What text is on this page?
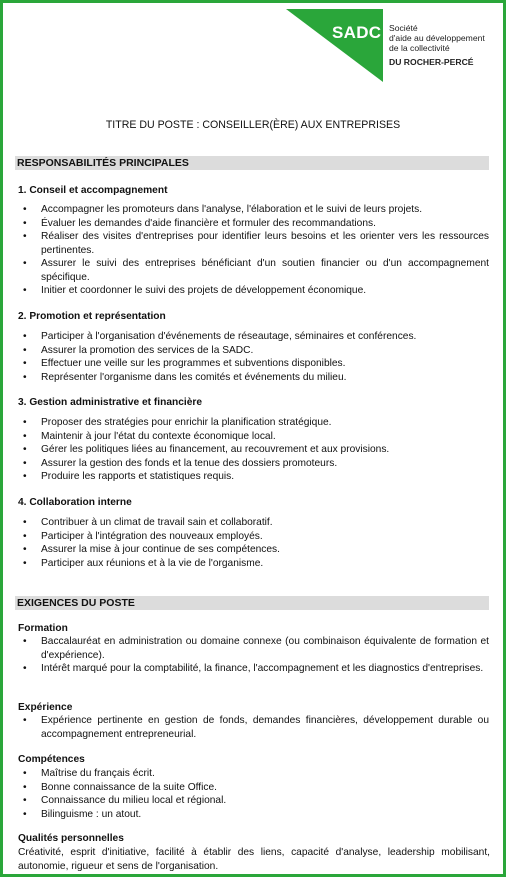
SADC Société
d'aide au développement
de la collectivité
DU ROCHER-PERCÉ
TITRE DU POSTE : CONSEILLER(ÈRE) AUX ENTREPRISES
RESPONSABILITÉS PRINCIPALES
1. Conseil et accompagnement
• Accompagner les promoteurs dans l'analyse, l'élaboration et le suivi de leurs projets.
• Évaluer les demandes d'aide financière et formuler des recommandations.
• Réaliser des visites d'entreprises pour identifier leurs besoins et les orienter vers les ressources pertinentes.
• Assurer le suivi des entreprises bénéficiant d'un soutien financier ou d'un accompagnement spécifique.
• Initier et coordonner le suivi des projets de développement économique.
2. Promotion et représentation
• Participer à l'organisation d'événements de réseautage, séminaires et conférences.
• Assurer la promotion des services de la SADC.
• Effectuer une veille sur les programmes et subventions disponibles.
• Représenter l'organisme dans les comités et événements du milieu.
3. Gestion administrative et financière
• Proposer des stratégies pour enrichir la planification stratégique.
• Maintenir à jour l'état du contexte économique local.
• Gérer les politiques liées au financement, au recouvrement et aux provisions.
• Assurer la gestion des fonds et la tenue des dossiers promoteurs.
• Produire les rapports et statistiques requis.
4. Collaboration interne
• Contribuer à un climat de travail sain et collaboratif.
• Participer à l'intégration des nouveaux employés.
• Assurer la mise à jour continue de ses compétences.
• Participer aux réunions et à la vie de l'organisme.
EXIGENCES DU POSTE
Formation
• Baccalauréat en administration ou domaine connexe (ou combinaison équivalente de formation et d'expérience).
• Intérêt marqué pour la comptabilité, la finance, l'accompagnement et les diagnostics d'entreprises.
Expérience
• Expérience pertinente en gestion de fonds, demandes financières, développement durable ou accompagnement entrepreneurial.
Compétences
• Maîtrise du français écrit.
• Bonne connaissance de la suite Office.
• Connaissance du milieu local et régional.
• Bilinguisme : un atout.
Qualités personnelles

Créativité, esprit d'initiative, facilité à établir des liens, capacité d'analyse, leadership mobilisant, autonomie, rigueur et sens de l'organisation.
